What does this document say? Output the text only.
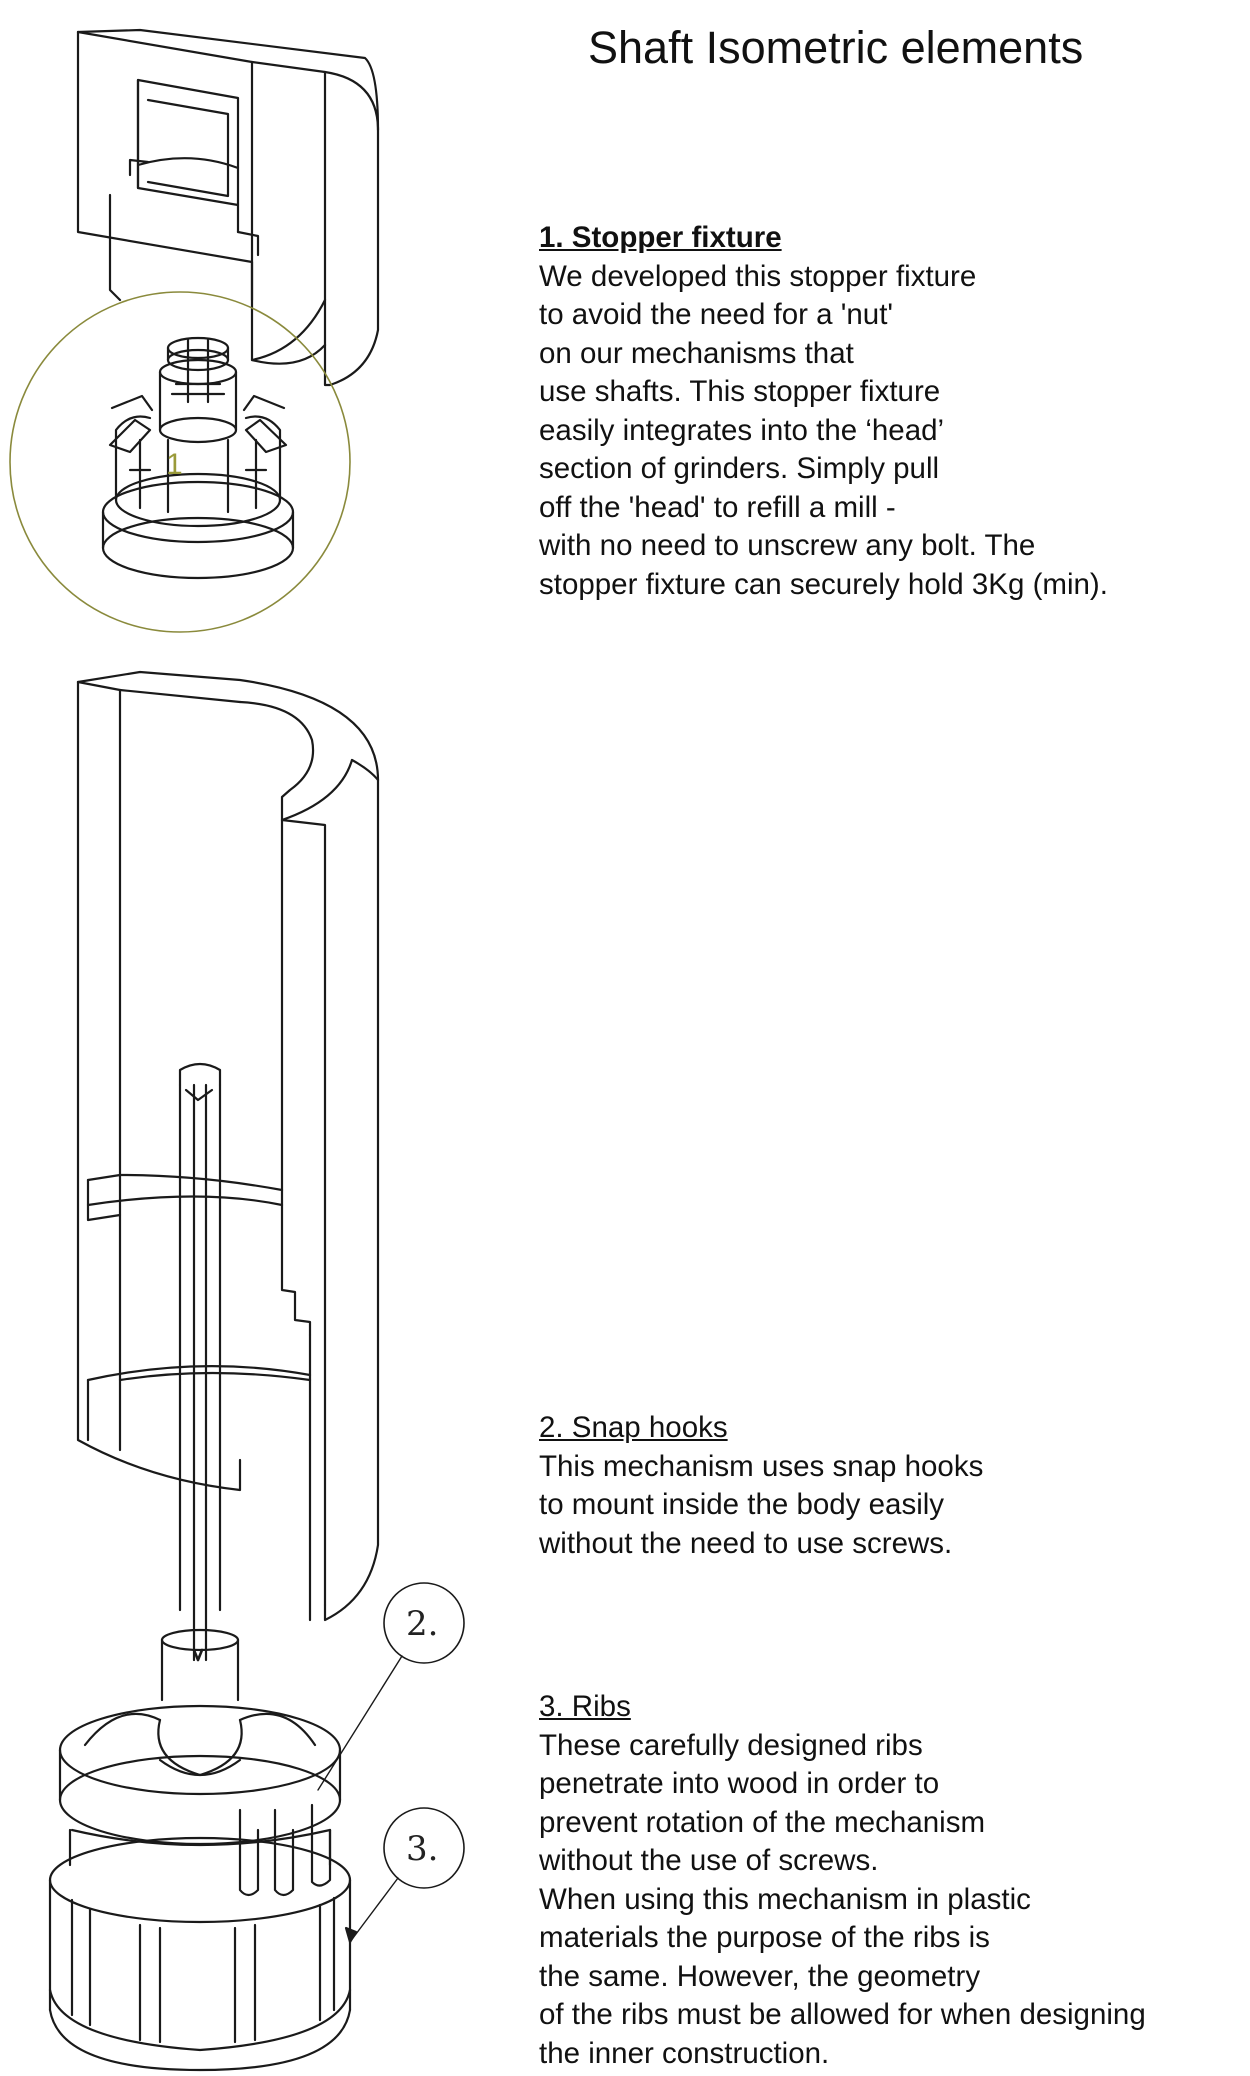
1
2.
3.
Shaft Isometric elements
1. Stopper fixture
We developed this stopper fixture
to avoid the need for a 'nut'
on our mechanisms that
use shafts. This stopper fixture
easily integrates into the ‘head’
section of grinders. Simply pull
off the 'head' to refill a mill -
with no need to unscrew any bolt. The
stopper fixture can securely hold 3Kg (min).
2. Snap hooks
This mechanism uses snap hooks
to mount inside the body easily
without the need to use screws.
3. Ribs
These carefully designed ribs
penetrate into wood in order to
prevent rotation of the mechanism
without the use of screws.
When using this mechanism in plastic
materials the purpose of the ribs is
the same. However, the geometry
of the ribs must be allowed for when designing
the inner construction.
